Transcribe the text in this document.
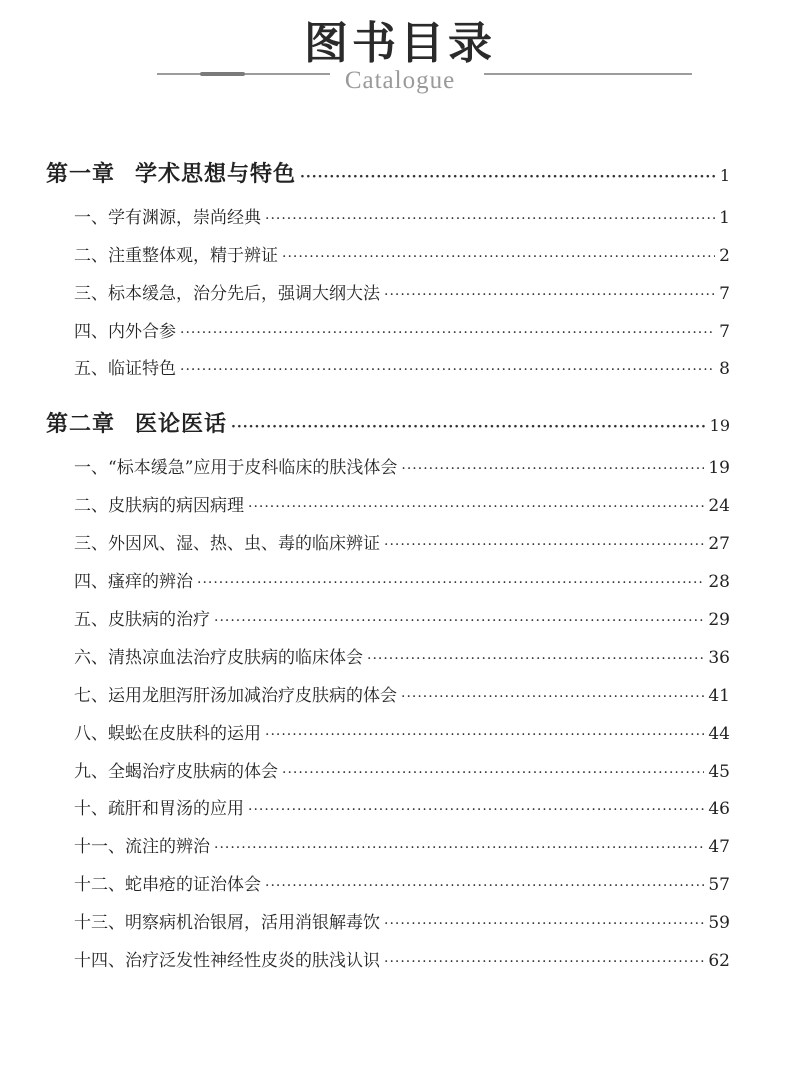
图书目录
Catalogue
第一章 学术思想与特色 ·····	1
一、学有渊源，崇尚经典 ·····	1
二、注重整体观，精于辨证 ·····	2
三、标本缓急，治分先后，强调大纲大法 ·····	7
四、内外合参 ·····	7
五、临证特色 ·····	8
第二章 医论医话 ·····	19
一、“标本缓急”应用于皮科临床的肤浅体会 ·····	19
二、皮肤病的病因病理 ·····	24
三、外因风、湿、热、虫、毒的临床辨证 ·····	27
四、瘙痒的辨治 ·····	28
五、皮肤病的治疗 ·····	29
六、清热凉血法治疗皮肤病的临床体会 ·····	36
七、运用龙胆泻肝汤加减治疗皮肤病的体会 ·····	41
八、蜈蚣在皮肤科的运用 ·····	44
九、全蝎治疗皮肤病的体会 ·····	45
十、疏肝和胃汤的应用 ·····	46
十一、流注的辨治 ·····	47
十二、蛇串疮的证治体会 ·····	57
十三、明察病机治银屑，活用消银解毒饮 ·····	59
十四、治疗泛发性神经性皮炎的肤浅认识 ·····	62
